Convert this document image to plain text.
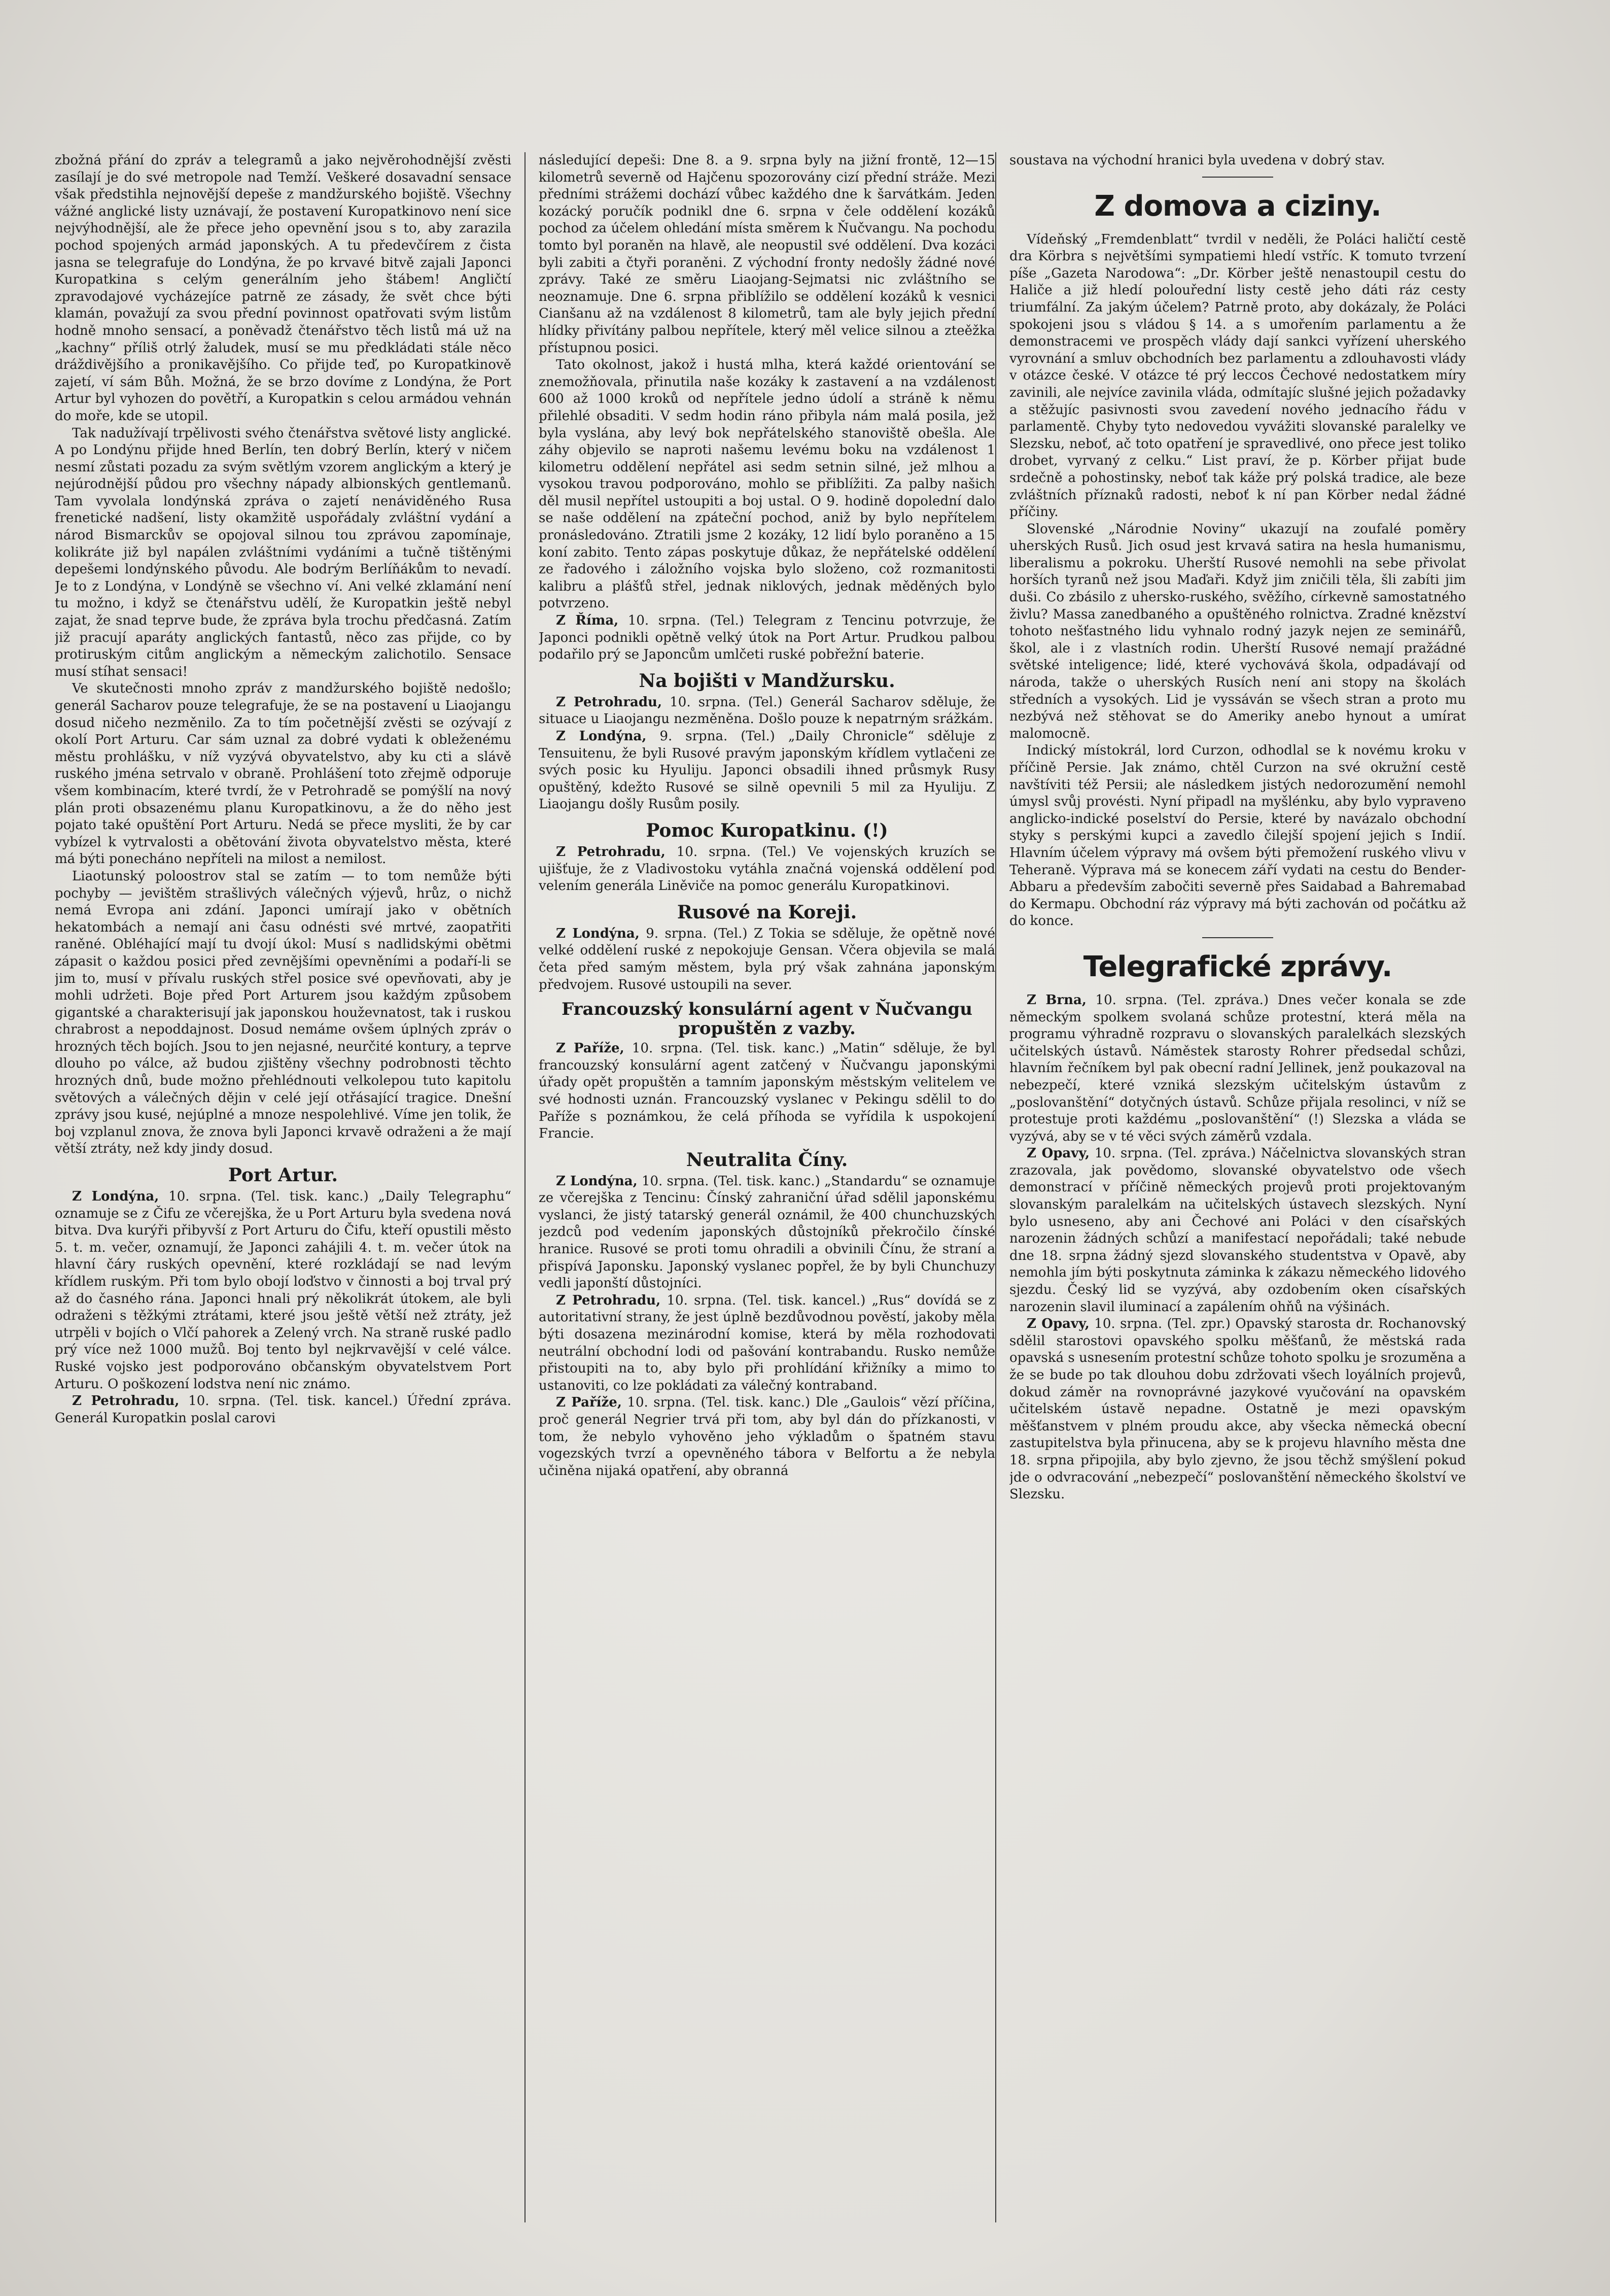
zbožná přání do zpráv a telegramů a jako nejvěrohodnější zvěsti zasílají je do své metropole nad Temží. Veškeré dosavadní sensace však předstihla nejnovější depeše z mandžurského bojiště. Všechny vážné anglické listy uznávají, že postavení Kuropatkinovo není sice nejvýhodnější, ale že přece jeho opevnění jsou s to, aby zarazila pochod spojených armád japonských. A tu předevčírem z čista jasna se telegrafuje do Londýna, že po krvavé bitvě zajali Japonci Kuropatkina s celým generálním jeho štábem! Angličtí zpravodajové vycházejíce patrně ze zásady, že svět chce býti klamán, považují za svou přední povinnost opatřovati svým listům hodně mnoho sensací, a poněvadž čtenářstvo těch listů má už na „kachny“ příliš otrlý žaludek, musí se mu předkládati stále něco dráždivějšího a pronikavějšího. Co přijde teď, po Kuropatkinově zajetí, ví sám Bůh. Možná, že se brzo dovíme z Londýna, že Port Artur byl vyhozen do povětří, a Kuropatkin s celou armádou vehnán do moře, kde se utopil.

Tak nadužívají trpělivosti svého čtenářstva světové listy anglické. A po Londýnu přijde hned Berlín, ten dobrý Berlín, který v ničem nesmí zůstati pozadu za svým světlým vzorem anglickým a který je nejúrodnější půdou pro všechny nápady albionských gentlemanů. Tam vyvolala londýnská zpráva o zajetí nenáviděného Rusa frenetické nadšení, listy okamžitě uspořádaly zvláštní vydání a národ Bismarckův se opojoval silnou tou zprávou zapomínaje, kolikráte již byl napálen zvláštními vydáními a tučně tištěnými depešemi londýnského původu. Ale bodrým Berlíňákům to nevadí. Je to z Londýna, v Londýně se všechno ví. Ani velké zklamání není tu možno, i když se čtenářstvu udělí, že Kuropatkin ještě nebyl zajat, že snad teprve bude, že zpráva byla trochu předčasná. Zatím již pracují aparáty anglických fantastů, něco zas přijde, co by protiruským citům anglickým a německým zalichotilo. Sensace musí stíhat sensaci!

Ve skutečnosti mnoho zpráv z mandžurského bojiště nedošlo; generál Sacharov pouze telegrafuje, že se na postavení u Liaojangu dosud ničeho nezměnilo. Za to tím početnější zvěsti se ozývají z okolí Port Arturu. Car sám uznal za dobré vydati k obleženému městu prohlášku, v níž vyzývá obyvatelstvo, aby ku cti a slávě ruského jména setrvalo v obraně. Prohlášení toto zřejmě odporuje všem kombinacím, které tvrdí, že v Petrohradě se pomýšlí na nový plán proti obsazenému planu Kuropatkinovu, a že do něho jest pojato také opuštění Port Arturu. Nedá se přece mysliti, že by car vybízel k vytrvalosti a obětování života obyvatelstvo města, které má býti ponecháno nepříteli na milost a nemilost.

Liaotunský poloostrov stal se zatím — to tom nemůže býti pochyby — jevištěm strašlivých válečných výjevů, hrůz, o nichž nemá Evropa ani zdání. Japonci umírají jako v obětních hekatombách a nemají ani času odnésti své mrtvé, zaopatřiti raněné. Obléhající mají tu dvojí úkol: Musí s nadlidskými obětmi zápasit o každou posici před zevnějšími opevněními a podaří-li se jim to, musí v přívalu ruských střel posice své opevňovati, aby je mohli udržeti. Boje před Port Arturem jsou každým způsobem gigantské a charakterisují jak japonskou houževnatost, tak i ruskou chrabrost a nepoddajnost. Dosud nemáme ovšem úplných zpráv o hrozných těch bojích. Jsou to jen nejasné, neurčité kontury, a teprve dlouho po válce, až budou zjištěny všechny podrobnosti těchto hrozných dnů, bude možno přehlédnouti velkolepou tuto kapitolu světových a válečných dějin v celé její otřásající tragice. Dnešní zprávy jsou kusé, nejúplné a mnoze nespolehlivé. Víme jen tolik, že boj vzplanul znova, že znova byli Japonci krvavě odraženi a že mají větší ztráty, než kdy jindy dosud.

Port Artur.

Z Londýna, 10. srpna. (Tel. tisk. kanc.) „Daily Telegraphu“ oznamuje se z Čifu ze včerejška, že u Port Arturu byla svedena nová bitva. Dva kurýři přibyvší z Port Arturu do Čifu, kteří opustili město 5. t. m. večer, oznamují, že Japonci zahájili 4. t. m. večer útok na hlavní čáry ruských opevnění, které rozkládají se nad levým křídlem ruským. Při tom bylo obojí loďstvo v činnosti a boj trval prý až do časného rána. Japonci hnali prý několikrát útokem, ale byli odraženi s těžkými ztrátami, které jsou ještě větší než ztráty, jež utrpěli v bojích o Vlčí pahorek a Zelený vrch. Na straně ruské padlo prý více než 1000 mužů. Boj tento byl nejkrvavější v celé válce. Ruské vojsko jest podporováno občanským obyvatelstvem Port Arturu. O poškození lodstva není nic známo.

Z Petrohradu, 10. srpna. (Tel. tisk. kancel.) Úřední zpráva. Generál Kuropatkin poslal carovi

následující depeši: Dne 8. a 9. srpna byly na jižní frontě, 12—15 kilometrů severně od Hajčenu spozorovány cizí přední stráže. Mezi předními strážemi dochází vůbec každého dne k šarvátkám. Jeden kozácký poručík podnikl dne 6. srpna v čele oddělení kozáků pochod za účelem ohledání místa směrem k Ňučvangu. Na pochodu tomto byl poraněn na hlavě, ale neopustil své oddělení. Dva kozáci byli zabiti a čtyři poraněni. Z východní fronty nedošly žádné nové zprávy. Také ze směru Liaojang-Sejmatsi nic zvláštního se neoznamuje. Dne 6. srpna přiblížilo se oddělení kozáků k vesnici Cianšanu až na vzdálenost 8 kilometrů, tam ale byly jejich přední hlídky přivítány palbou nepřítele, který měl velice silnou a zteěžka přístupnou posici.

Tato okolnost, jakož i hustá mlha, která každé orientování se znemožňovala, přinutila naše kozáky k zastavení a na vzdálenost 600 až 1000 kroků od nepřítele jedno údolí a stráně k němu přilehlé obsaditi. V sedm hodin ráno přibyla nám malá posila, jež byla vyslána, aby levý bok nepřátelského stanoviště obešla. Ale záhy objevilo se naproti našemu levému boku na vzdálenost 1 kilometru oddělení nepřátel asi sedm setnin silné, jež mlhou a vysokou travou podporováno, mohlo se přiblížiti. Za palby našich děl musil nepřítel ustoupiti a boj ustal. O 9. hodině dopolední dalo se naše oddělení na zpáteční pochod, aniž by bylo nepřítelem pronásledováno. Ztratili jsme 2 kozáky, 12 lidí bylo poraněno a 15 koní zabito. Tento zápas poskytuje důkaz, že nepřátelské oddělení ze řadového i záložního vojska bylo složeno, což rozmanitosti kalibru a plášťů střel, jednak niklových, jednak měděných bylo potvrzeno.

Z Říma, 10. srpna. (Tel.) Telegram z Tencinu potvrzuje, že Japonci podnikli opětně velký útok na Port Artur. Prudkou palbou podařilo prý se Japoncům umlčeti ruské pobřežní baterie.

Na bojišti v Mandžursku.

Z Petrohradu, 10. srpna. (Tel.) Generál Sacharov sděluje, že situace u Liaojangu nezměněna. Došlo pouze k nepatrným srážkám.

Z Londýna, 9. srpna. (Tel.) „Daily Chronicle“ sděluje z Tensuitenu, že byli Rusové pravým japonským křídlem vytlačeni ze svých posic ku Hyuliju. Japonci obsadili ihned průsmyk Rusy opuštěný, kdežto Rusové se silně opevnili 5 mil za Hyuliju. Z Liaojangu došly Rusům posily.

Pomoc Kuropatkinu. (!)

Z Petrohradu, 10. srpna. (Tel.) Ve vojenských kruzích se ujišťuje, že z Vladivostoku vytáhla značná vojenská oddělení pod velením generála Liněviče na pomoc generálu Kuropatkinovi.

Rusové na Koreji.

Z Londýna, 9. srpna. (Tel.) Z Tokia se sděluje, že opětně nové velké oddělení ruské z nepokojuje Gensan. Včera objevila se malá četa před samým městem, byla prý však zahnána japonským předvojem. Rusové ustoupili na sever.

Francouzský konsulární agent v Ňučvangu propuštěn z vazby.

Z Paříže, 10. srpna. (Tel. tisk. kanc.) „Matin“ sděluje, že byl francouzský konsulární agent zatčený v Ňučvangu japonskými úřady opět propuštěn a tamním japonským městským velitelem ve své hodnosti uznán. Francouzský vyslanec v Pekingu sdělil to do Paříže s poznámkou, že celá příhoda se vyřídila k uspokojení Francie.

Neutralita Číny.

Z Londýna, 10. srpna. (Tel. tisk. kanc.) „Standardu“ se oznamuje ze včerejška z Tencinu: Čínský zahraniční úřad sdělil japonskému vyslanci, že jistý tatarský generál oznámil, že 400 chunchuzských jezdců pod vedením japonských důstojníků překročilo čínské hranice. Rusové se proti tomu ohradili a obvinili Čínu, že straní a přispívá Japonsku. Japonský vyslanec popřel, že by byli Chunchuzy vedli japonští důstojníci.

Z Petrohradu, 10. srpna. (Tel. tisk. kancel.) „Rus“ dovídá se z autoritativní strany, že jest úplně bezdůvodnou pověstí, jakoby měla býti dosazena mezinárodní komise, která by měla rozhodovati neutrální obchodní lodi od pašování kontrabandu. Rusko nemůže přistoupiti na to, aby bylo při prohlídání křižníky a mimo to ustanoviti, co lze pokládati za válečný kontraband.

Z Paříže, 10. srpna. (Tel. tisk. kanc.) Dle „Gaulois“ vězí příčina, proč generál Negrier trvá při tom, aby byl dán do přízkanosti, v tom, že nebylo vyhověno jeho výkladům o špatném stavu vogezských tvrzí a opevněného tábora v Belfortu a že nebyla učiněna nijaká opatření, aby obranná

soustava na východní hranici byla uvedena v dobrý stav.

Z domova a ciziny.

Vídeňský „Fremdenblatt“ tvrdil v neděli, že Poláci haličtí cestě dra Körbra s největšími sympatiemi hledí vstříc. K tomuto tvrzení píše „Gazeta Narodowa“: „Dr. Körber ještě nenastoupil cestu do Haliče a již hledí polouřední listy cestě jeho dáti ráz cesty triumfální. Za jakým účelem? Patrně proto, aby dokázaly, že Poláci spokojeni jsou s vládou § 14. a s umořením parlamentu a že demonstracemi ve prospěch vlády dají sankci vyřízení uherského vyrovnání a smluv obchodních bez parlamentu a zdlouhavosti vlády v otázce české. V otázce té prý leccos Čechové nedostatkem míry zavinili, ale nejvíce zavinila vláda, odmítajíc slušné jejich požadavky a stěžujíc pasivnosti svou zavedení nového jednacího řádu v parlamentě. Chyby tyto nedovedou vyvážiti slovanské paralelky ve Slezsku, neboť, ač toto opatření je spravedlivé, ono přece jest toliko drobet, vyrvaný z celku.“ List praví, že p. Körber přijat bude srdečně a pohostinsky, neboť tak káže prý polská tradice, ale beze zvláštních příznaků radosti, neboť k ní pan Körber nedal žádné příčiny.

Slovenské „Národnie Noviny“ ukazují na zoufalé poměry uherských Rusů. Jich osud jest krvavá satira na hesla humanismu, liberalismu a pokroku. Uherští Rusové nemohli na sebe přivolat horších tyranů než jsou Maďaři. Když jim zničili těla, šli zabíti jim duši. Co zbásilo z uhersko-ruského, svěžího, církevně samostatného živlu? Massa zanedbaného a opuštěného rolnictva. Zradné knězství tohoto nešťastného lidu vyhnalo rodný jazyk nejen ze seminářů, škol, ale i z vlastních rodin. Uherští Rusové nemají pražádné světské inteligence; lidé, které vychovává škola, odpadávají od národa, takže o uherských Rusích není ani stopy na školách středních a vysokých. Lid je vyssáván se všech stran a proto mu nezbývá než stěhovat se do Ameriky anebo hynout a umírat malomocně.

Indický místokrál, lord Curzon, odhodlal se k novému kroku v příčině Persie. Jak známo, chtěl Curzon na své okružní cestě navštíviti též Persii; ale následkem jistých nedorozumění nemohl úmysl svůj provésti. Nyní připadl na myšlénku, aby bylo vypraveno anglicko-indické poselství do Persie, které by navázalo obchodní styky s perskými kupci a zavedlo čilejší spojení jejich s Indií. Hlavním účelem výpravy má ovšem býti přemožení ruského vlivu v Teheraně. Výprava má se konecem září vydati na cestu do Bender-Abbaru a především zabočiti severně přes Saidabad a Bahremabad do Kermapu. Obchodní ráz výpravy má býti zachován od počátku až do konce.

Telegrafické zprávy.

Z Brna, 10. srpna. (Tel. zpráva.) Dnes večer konala se zde německým spolkem svolaná schůze protestní, která měla na programu výhradně rozpravu o slovanských paralelkách slezských učitelských ústavů. Náměstek starosty Rohrer předsedal schůzi, hlavním řečníkem byl pak obecní radní Jellinek, jenž poukazoval na nebezpečí, které vzniká slezským učitelským ústavům z „poslovanštění“ dotyčných ústavů. Schůze přijala resolinci, v níž se protestuje proti každému „poslovanštění“ (!) Slezska a vláda se vyzývá, aby se v té věci svých záměrů vzdala.

Z Opavy, 10. srpna. (Tel. zpráva.) Náčelnictva slovanských stran zrazovala, jak povědomo, slovanské obyvatelstvo ode všech demonstrací v příčině německých projevů proti projektovaným slovanským paralelkám na učitelských ústavech slezských. Nyní bylo usneseno, aby ani Čechové ani Poláci v den císařských narozenin žádných schůzí a manifestací nepořádali; také nebude dne 18. srpna žádný sjezd slovanského studentstva v Opavě, aby nemohla jím býti poskytnuta záminka k zákazu německého lidového sjezdu. Český lid se vyzývá, aby ozdobením oken císařských narozenin slavil iluminací a zapálením ohňů na výšinách.

Z Opavy, 10. srpna. (Tel. zpr.) Opavský starosta dr. Rochanovský sdělil starostovi opavského spolku měšťanů, že městská rada opavská s usnesením protestní schůze tohoto spolku je srozuměna a že se bude po tak dlouhou dobu zdržovati všech loyálních projevů, dokud záměr na rovnoprávné jazykové vyučování na opavském učitelském ústavě nepadne. Ostatně je mezi opavským měšťanstvem v plném proudu akce, aby všecka německá obecní zastupitelstva byla přinucena, aby se k projevu hlavního města dne 18. srpna připojila, aby bylo zjevno, že jsou těchž smýšlení pokud jde o odvracování „nebezpečí“ poslovanštění německého školství ve Slezsku.
